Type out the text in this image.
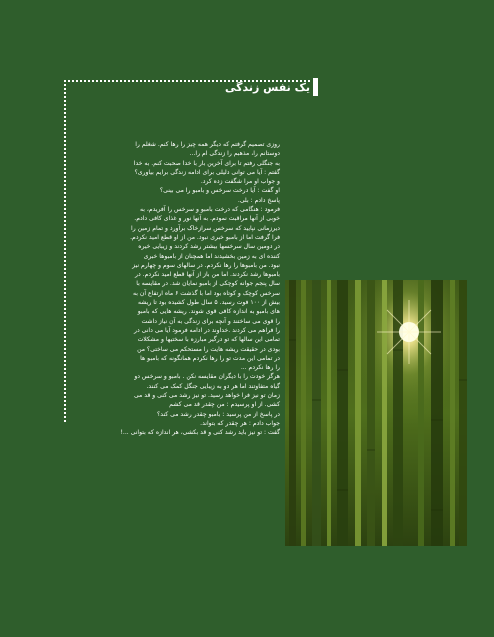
یک نفس زندگی
روزی تصمیم گرفتم که دیگر همه چیز را رها کنم. شغلم را
دوستانم را، مذهبم را زندگی ام را...
به جنگلی رفتم تا برای آخرین بار با خدا صحبت کنم. به خدا
گفتم : آیا می توانی دلیلی برای ادامه زندگی برایم بیاوری؟
و جواب او مرا شگفت زده کرد.
او گفت : آیا درخت سرخس و بامبو را می بینی؟
پاسخ دادم : بلی.
فرمود : هنگامی که درخت بامبو و سرخس را آفریدم، به
خوبی از آنها مراقبت نمودم. به آنها نور و غذای کافی دادم.
دیرزمانی نپایید که سرخس سرازخاک برآورد و تمام زمین را
فرا گرفت اما از بامبو خبری نبود. من از او قطع امید نکردم.
در دومین سال سرخسها بیشتر رشد کردند و زیبایی خیره
کننده ای به زمین بخشیدند اما همچنان از بامبوها خبری
نبود. من بامبوها را رها نکردم. در سالهای سوم و چهارم نیز
بامبوها رشد نکردند. اما من باز از آنها قطع امید نکردم. در
سال پنجم جوانه کوچکی از بامبو نمایان شد. در مقایسه با
سرخس کوچک و کوتاه بود اما با گذشت ۶ ماه ارتفاع آن به
بیش از ۱۰۰ فوت رسید. ۵ سال طول کشیده بود تا ریشه
های بامبو به اندازه کافی قوی شوند. ریشه هایی که بامبو
را قوی می ساختند و آنچه برای زندگی به آن نیاز داشت
را فراهم می کردند .خداوند در ادامه فرمود آیا می دانی در
تمامی این سالها که تو درگیر مبارزه با سختیها و مشکلات
بودی در حقیقت ریشه هایت را مستحکم می ساختی؟ من
در تمامی این مدت تو را رها نکردم همانگونه که بامبو ها
را رها نکردم ...
هرگز خودت را با دیگران مقایسه نکن . بامبو و سرخس دو
گیاه متفاوتند اما هر دو به زیبایی جنگل کمک می کنند.
زمان تو نیز فرا خواهد رسید. تو نیز رشد می کنی و قد می
کشی. از او پرسیدم : من چقدر قد می کشم
در پاسخ از من پرسید : بامبو چقدر رشد می کند؟
جواب دادم : هر چقدر که بتواند.
گفت : تو نیز باید رشد کنی و قد بکشی، هر اندازه که بتوانی ...!
